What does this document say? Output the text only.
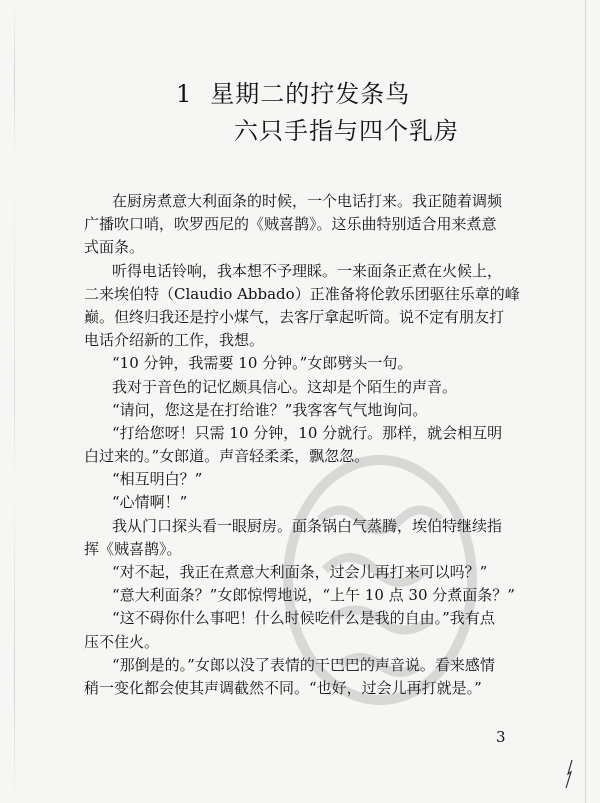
1 星期二的拧发条鸟
六只手指与四个乳房
在厨房煮意大利面条的时候，一个电话打来。我正随着调频
广播吹口哨，吹罗西尼的《贼喜鹊》。这乐曲特别适合用来煮意
式面条。
听得电话铃响，我本想不予理睬。一来面条正煮在火候上，
二来埃伯特（Claudio Abbado）正准备将伦敦乐团驱往乐章的峰
巅。但终归我还是拧小煤气，去客厅拿起听筒。说不定有朋友打
电话介绍新的工作，我想。
“10 分钟，我需要 10 分钟。”女郎劈头一句。
我对于音色的记忆颇具信心。这却是个陌生的声音。
“请问，您这是在打给谁？”我客客气气地询问。
“打给您呀！只需 10 分钟，10 分就行。那样，就会相互明
白过来的。”女郎道。声音轻柔柔，飘忽忽。
“相互明白？”
“心情啊！”
我从门口探头看一眼厨房。面条锅白气蒸腾，埃伯特继续指
挥《贼喜鹊》。
“对不起，我正在煮意大利面条，过会儿再打来可以吗？”
“意大利面条？”女郎惊愕地说，“上午 10 点 30 分煮面条？”
“这不碍你什么事吧！什么时候吃什么是我的自由。”我有点
压不住火。
“那倒是的。”女郎以没了表情的干巴巴的声音说。看来感情
稍一变化都会使其声调截然不同。“也好，过会儿再打就是。”
3
